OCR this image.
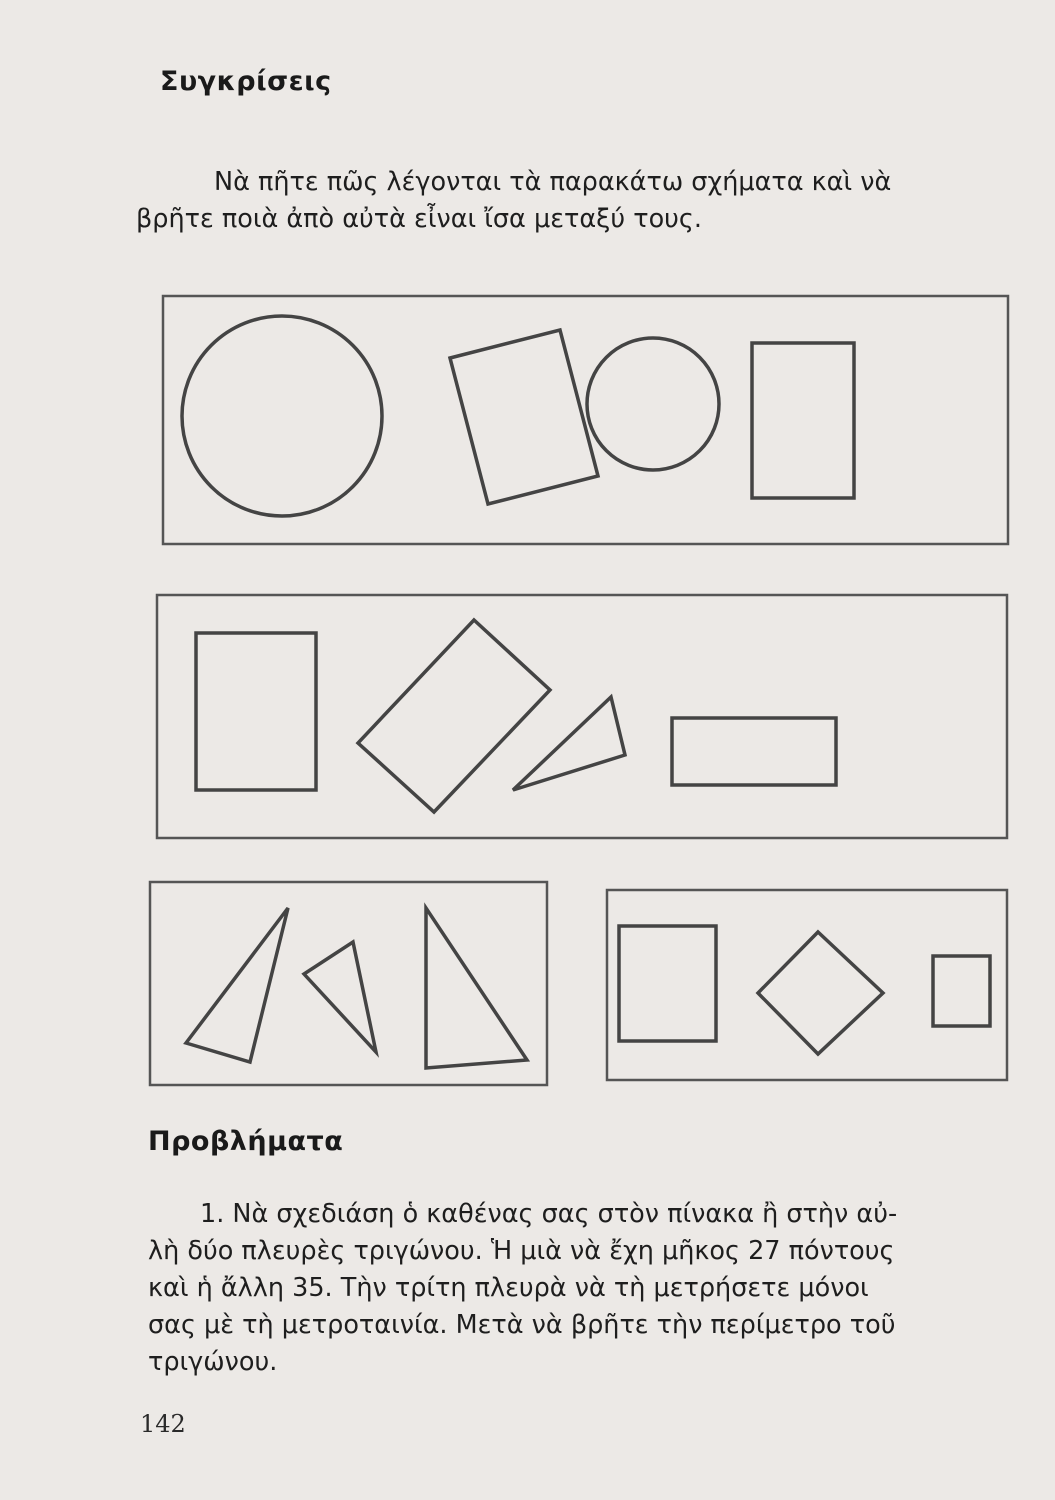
Συγκρίσεις

Νὰ πῆτε πῶς λέγονται τὰ παρακάτω σχήματα καὶ νὰ
βρῆτε ποιὰ ἀπὸ αὐτὰ εἶναι ἴσα μεταξύ τους.

Προβλήματα

1. Νὰ σχεδιάση ὁ καθένας σας στὸν πίνακα ἢ στὴν αὐ-
λὴ δύο πλευρὲς τριγώνου. Ἡ μιὰ νὰ ἔχη μῆκος 27 πόντους
καὶ ἡ ἄλλη 35. Τὴν τρίτη πλευρὰ νὰ τὴ μετρήσετε μόνοι
σας μὲ τὴ μετροταινία. Μετὰ νὰ βρῆτε τὴν περίμετρο τοῦ
τριγώνου.

142
